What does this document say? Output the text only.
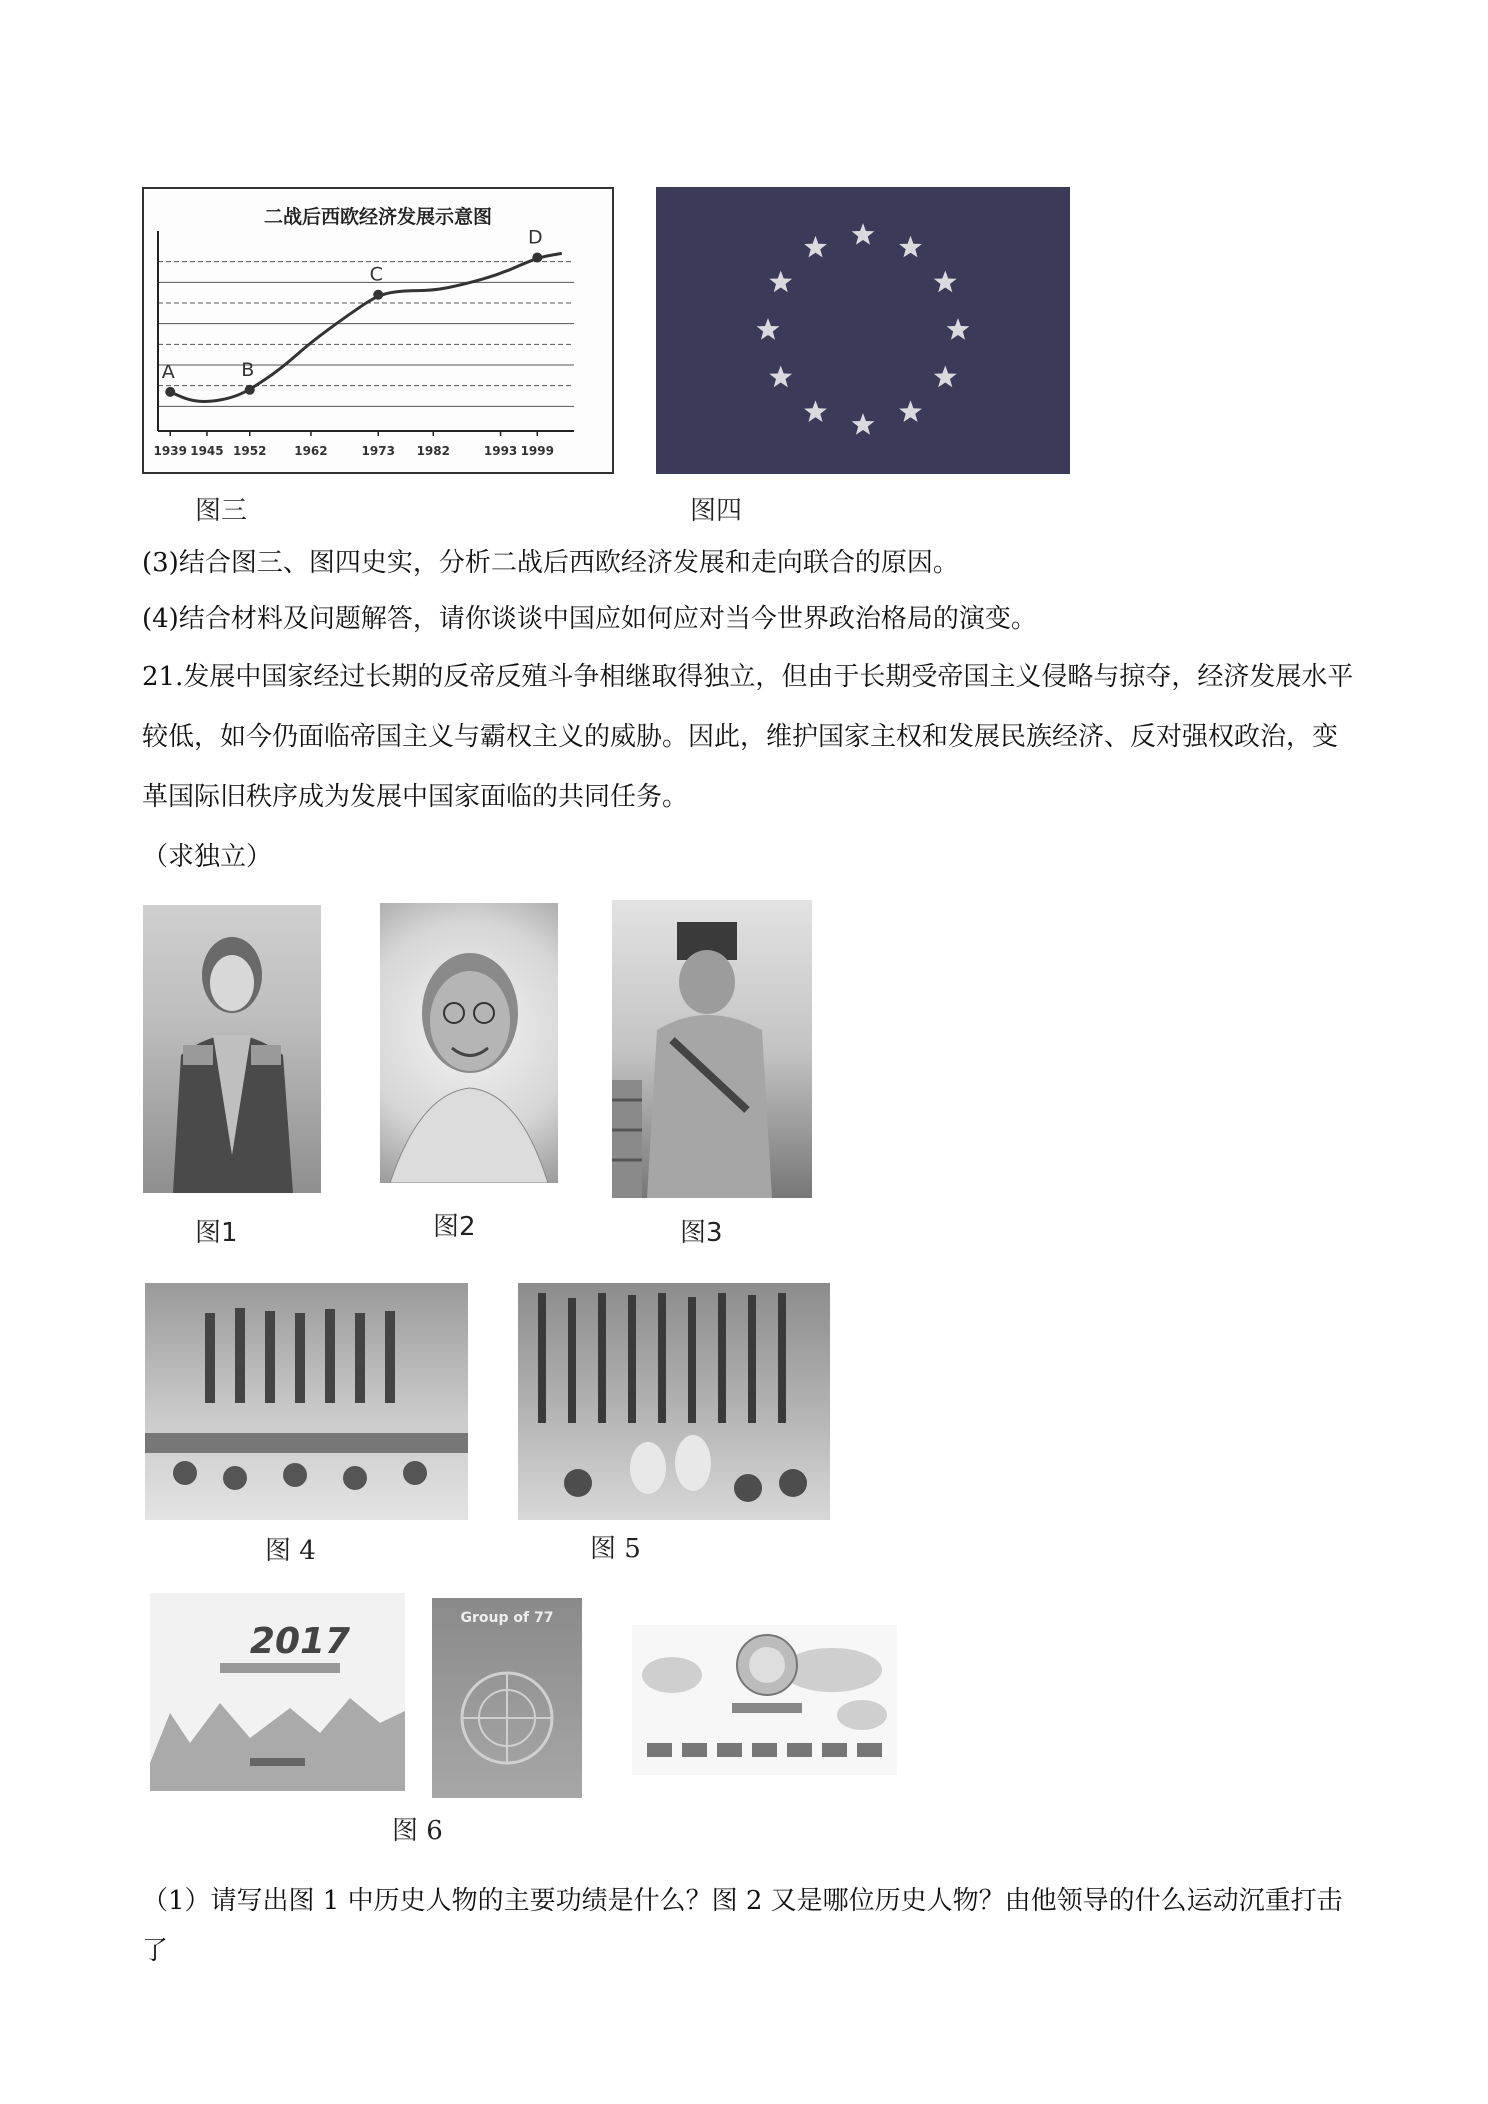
二战后西欧经济发展示意图
A	B
C
D
1939 1945 1952 1962	1973 1982	1993 1999
图三	图四
(3)结合图三、图四史实，分析二战后西欧经济发展和走向联合的原因。
(4)结合材料及问题解答，请你谈谈中国应如何应对当今世界政治格局的演变。
21.发展中国家经过长期的反帝反殖斗争相继取得独立，但由于长期受帝国主义侵略与掠夺，经济发展水平
较低，如今仍面临帝国主义与霸权主义的威胁。因此，维护国家主权和发展民族经济、反对强权政治，变
革国际旧秩序成为发展中国家面临的共同任务。
（求独立）
图1	图2	图3
图 4	图 5
2017
Group of 77
图 6
（1）请写出图 1 中历史人物的主要功绩是什么？图 2 又是哪位历史人物？由他领导的什么运动沉重打击了
